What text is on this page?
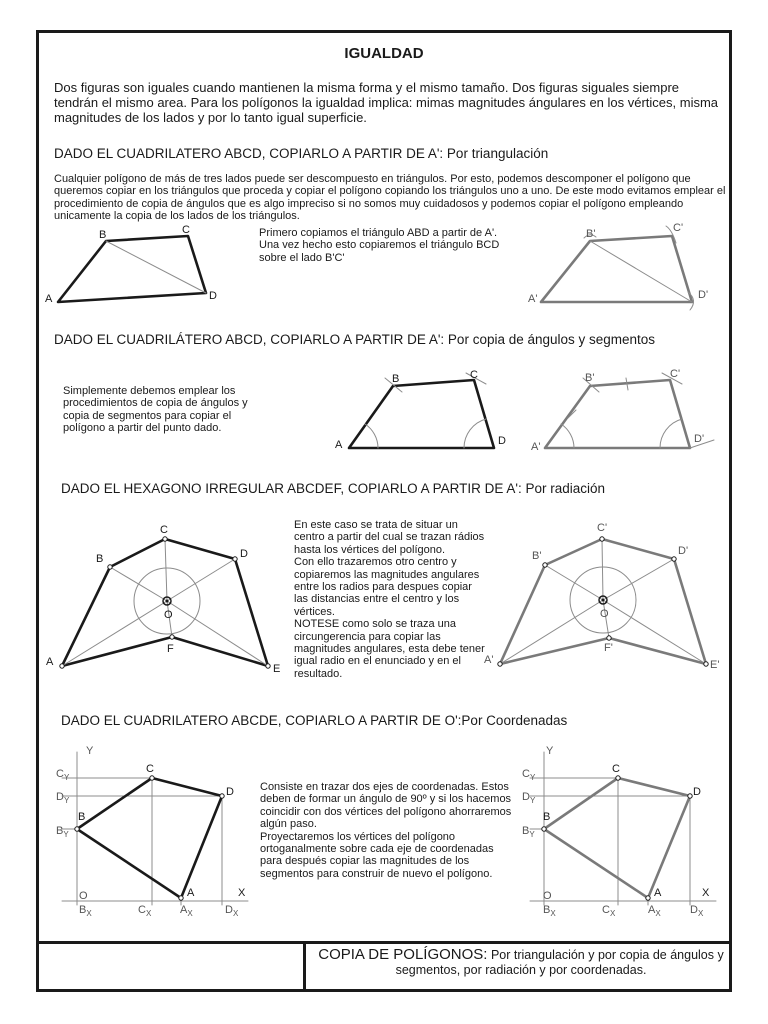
IGUALDAD
Dos figuras son iguales cuando mantienen la misma forma y el mismo tamaño. Dos figuras siguales siempre tendrán el mismo area. Para los polígonos la igualdad implica: mimas magnitudes ángulares en los vértices, misma magnitudes de los lados y por lo tanto igual superficie.
DADO EL CUADRILATERO ABCD, COPIARLO A PARTIR DE A': Por triangulación
Cualquier polígono de más de tres lados puede ser descompuesto en triángulos. Por esto, podemos descomponer el polígono que queremos copiar en los triángulos que proceda y copiar el polígono copiando los triángulos uno a uno. De este modo evitamos emplear el procedimiento de copia de ángulos que es algo impreciso si no somos muy cuidadosos y podemos copiar el polígono empleando unicamente la copia de los lados de los triángulos.
Primero copiamos el triángulo ABD a partir de A'. Una vez hecho esto copiaremos el triángulo BCD sobre el lado B'C'
DADO EL CUADRILÁTERO ABCD, COPIARLO A PARTIR DE A': Por copia de ángulos y segmentos
Simplemente debemos emplear los procedimientos de copia de ángulos y copia de segmentos para copiar el polígono a partir del punto dado.
DADO EL HEXAGONO IRREGULAR ABCDEF, COPIARLO A PARTIR DE A': Por radiación
En este caso se trata de situar un centro a partir del cual se trazan rádios hasta los vértices del polígono.
Con ello trazaremos otro centro y copiaremos las magnitudes angulares entre los radios para despues copiar las distancias entre el centro y los vértices.
NOTESE como solo se traza una circungerencia para copiar las magnitudes angulares, esta debe tener igual radio en el enunciado y en el resultado.
DADO EL CUADRILATERO ABCDE, COPIARLO A PARTIR DE O':Por Coordenadas
Consiste en trazar dos ejes de coordenadas. Estos deben de formar un ángulo de 90º y si los hacemos coincidir con dos vértices del polígono ahorraremos algún paso.
Proyectaremos los vértices del polígono ortoganalmente sobre cada eje de coordenadas para después copiar las magnitudes de los segmentos para construir de nuevo el polígono.
COPIA DE POLÍGONOS: Por triangulación y por copia de ángulos y segmentos, por radiación y por coordenadas.
A
B	C
D	A'
B'	C'
D'
A
B	C
D A'
B'	C'
D'
A
B
C
D
E
F
O
A'
B'
C'
D'
E'
F'
O
Y
X
O
C
D
B
A
$C_Y$
$D_Y$
$B_Y$
$B_X$	$C_X$	$A_X$	$D_X$
Y
X
O
C
D
B
A
$C_Y$
$D_Y$
$B_Y$
$B_X$	$C_X$	$A_X$	$D_X$
